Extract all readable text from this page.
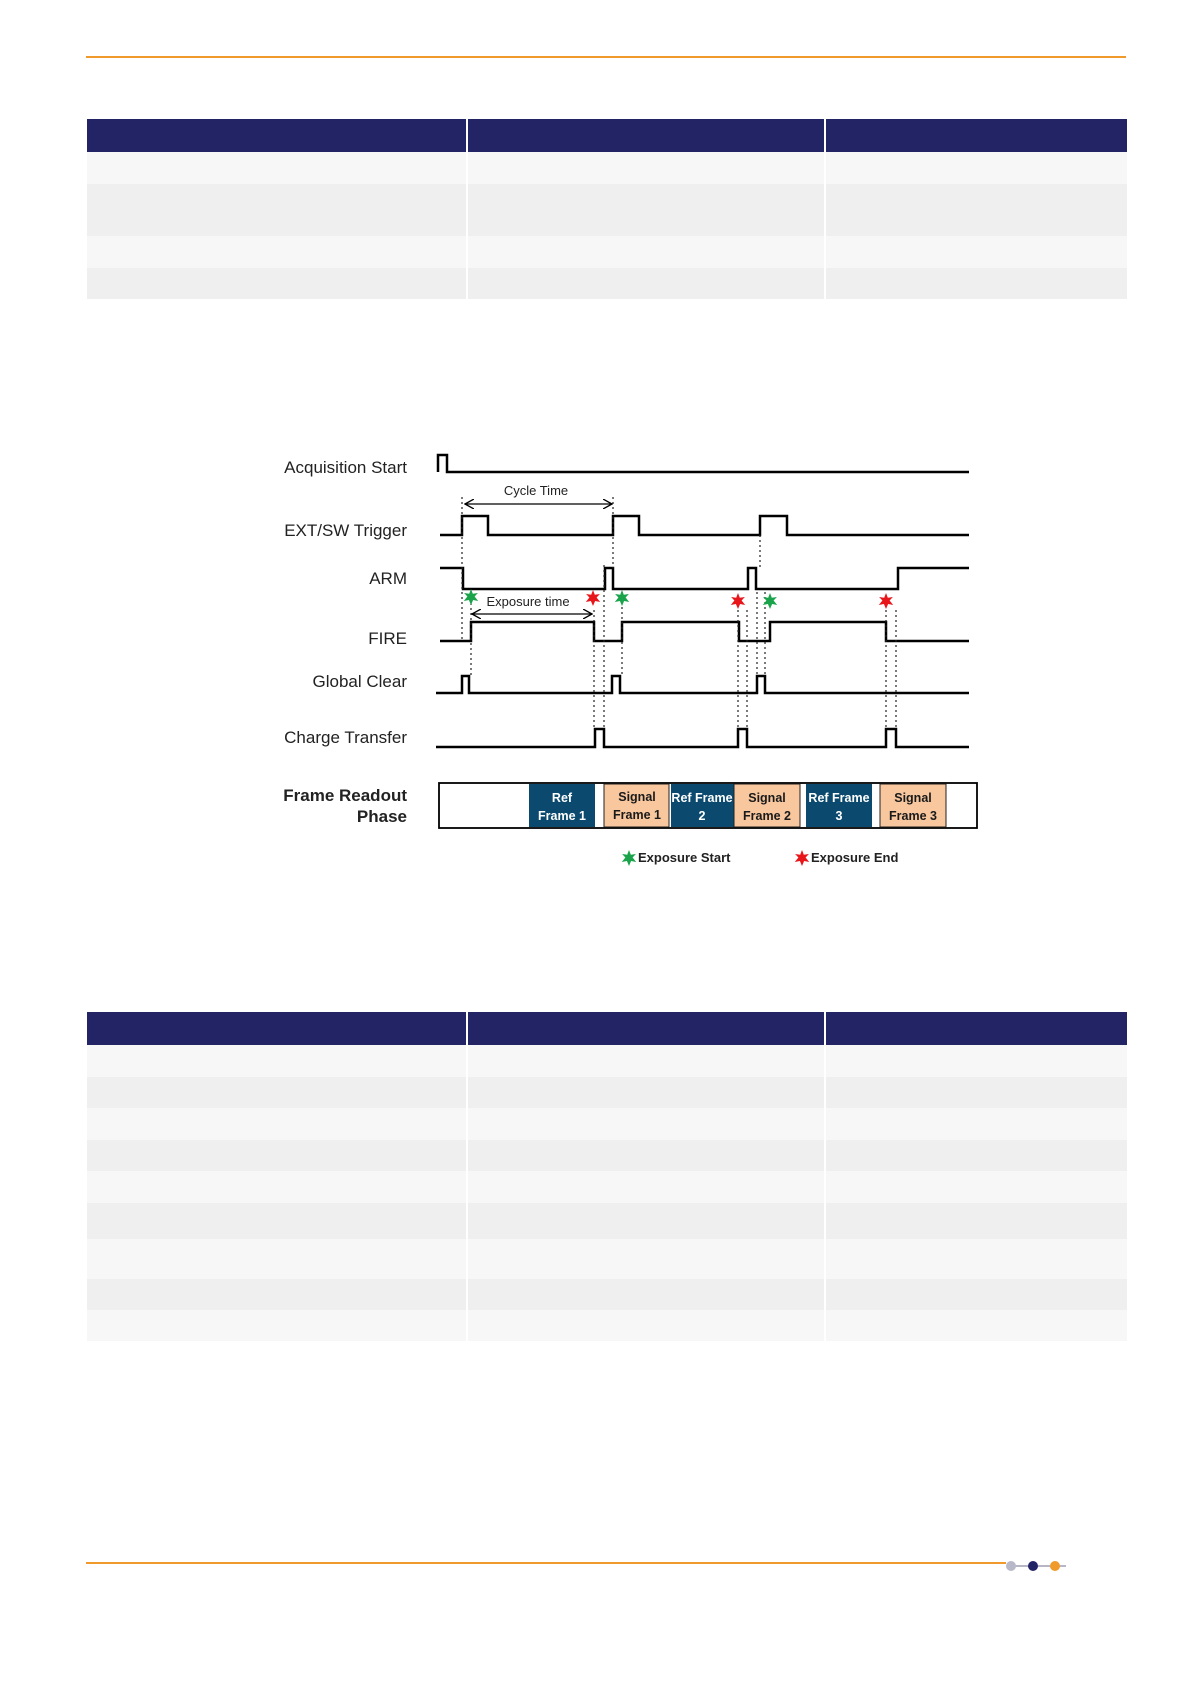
Acquisition Start
EXT/SW Trigger
ARM
FIRE
Global Clear
Charge Transfer
Frame Readout
Phase
Cycle Time
Exposure time
Ref
Frame 1
Signal
Frame 1
Ref Frame
2
Signal
Frame 2
Ref Frame
3
Signal
Frame 3
Exposure Start	Exposure End
